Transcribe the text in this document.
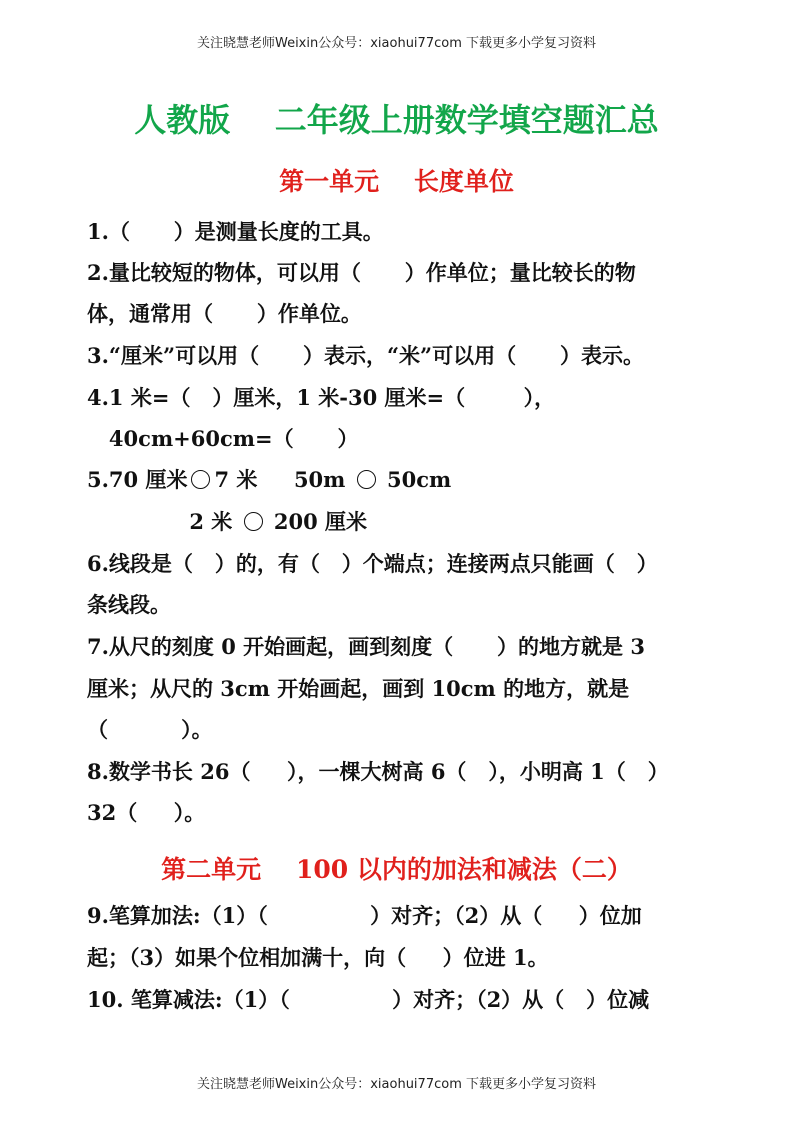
关注晓慧老师Weixin公众号：xiaohui77com 下载更多小学复习资料
人教版    二年级上册数学填空题汇总
第一单元    长度单位
1.（      ）是测量长度的工具。
2.量比较短的物体，可以用（      ）作单位；量比较长的物
体，通常用（      ）作单位。
3.“厘米”可以用（      ）表示，“米”可以用（      ）表示。
4.1 米=（   ）厘米，1 米-30 厘米=（        ），
40cm+60cm=（      ）
5.70 厘米 7 米     50m  50cm
2 米  200 厘米
6.线段是（   ）的，有（   ）个端点；连接两点只能画（   ）
条线段。
7.从尺的刻度 0 开始画起，画到刻度（      ）的地方就是 3
厘米；从尺的 3cm 开始画起，画到 10cm 的地方，就是
（          ）。
8.数学书长 26（     ），一棵大树高 6（   ），小明高 1（   ）
32（     ）。
第二单元    100 以内的加法和减法（二）
9.笔算加法:（1）（              ）对齐；（2）从（     ）位加
起；（3）如果个位相加满十，向（     ）位进 1。
10. 笔算减法:（1）（              ）对齐；（2）从（   ）位减
关注晓慧老师Weixin公众号：xiaohui77com 下载更多小学复习资料
